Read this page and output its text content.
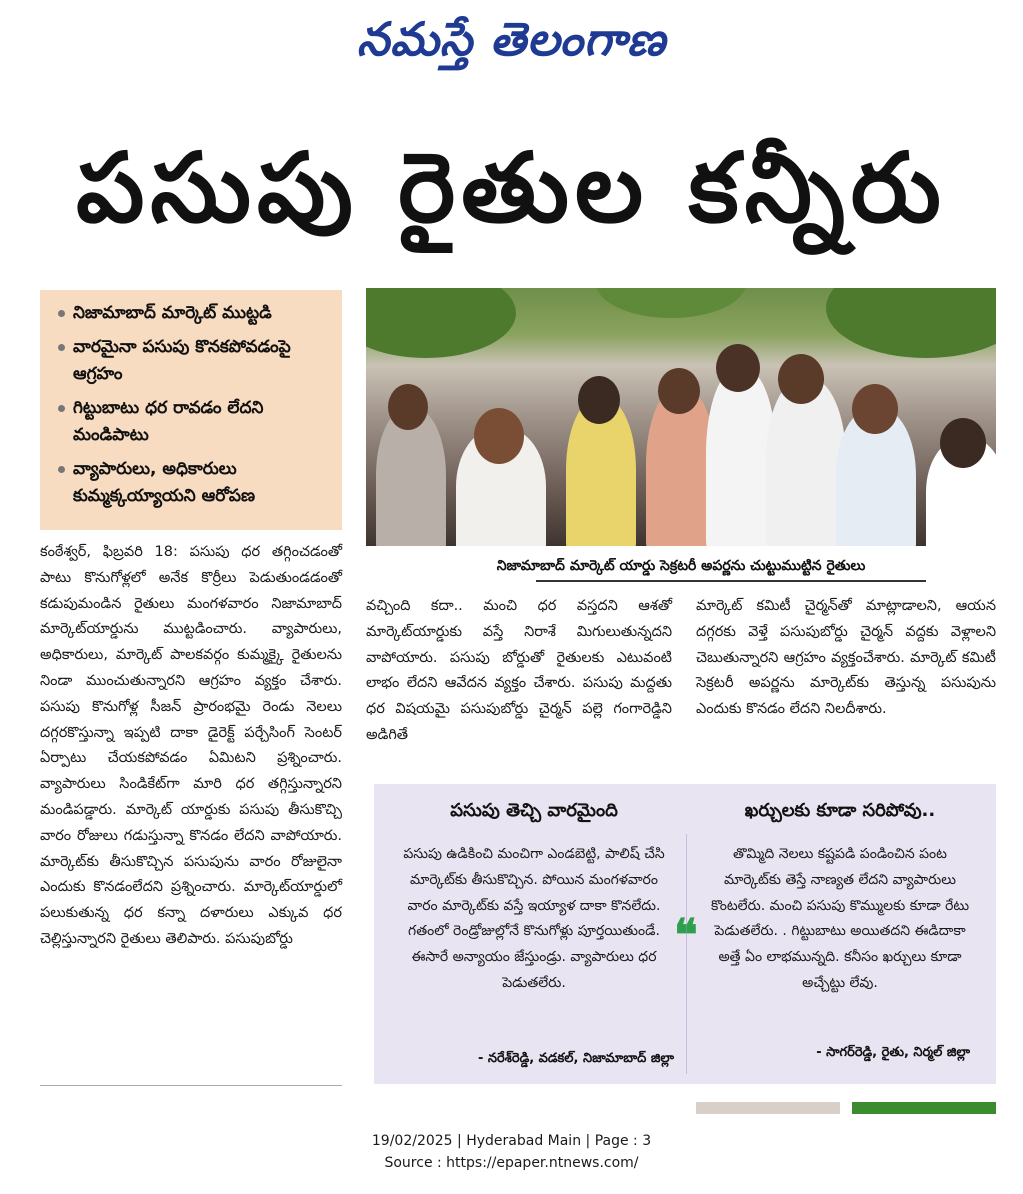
నమస్తే తెలంగాణ
పసుపు రైతుల కన్నీరు
నిజామాబాద్ మార్కెట్ ముట్టడి
వారమైనా పసుపు కొనకపోవడంపై ఆగ్రహం
గిట్టుబాటు ధర రావడం లేదని మండిపాటు
వ్యాపారులు, అధికారులు కుమ్మక్కయ్యాయని ఆరోపణ
నిజామాబాద్ మార్కెట్ యార్డు సెక్రటరీ అపర్ణను చుట్టుముట్టిన రైతులు
కంఠేశ్వర్, ఫిబ్రవరి 18: పసుపు ధర తగ్గించడంతో పాటు కొనుగోళ్లలో అనేక కొర్రీలు పెడుతుండడంతో కడుపుమండిన రైతులు మంగళవారం నిజామాబాద్ మార్కెట్‌యార్డును ముట్టడించారు. వ్యాపారులు, అధికారులు, మార్కెట్ పాలకవర్గం కుమ్మక్కై రైతులను నిండా ముంచుతున్నారని ఆగ్రహం వ్యక్తం చేశారు. పసుపు కొనుగోళ్ల సీజన్ ప్రారంభమై రెండు నెలలు దగ్గరకొస్తున్నా ఇప్పటి దాకా డైరెక్ట్ పర్చేసింగ్ సెంటర్ ఏర్పాటు చేయకపోవడం ఏమిటని ప్రశ్నించారు. వ్యాపారులు సిండికేట్‌గా మారి ధర తగ్గిస్తున్నారని మండిపడ్డారు. మార్కెట్ యార్డుకు పసుపు తీసుకొచ్చి వారం రోజులు గడుస్తున్నా కొనడం లేదని వాపోయారు. మార్కెట్‌కు తీసుకొచ్చిన పసుపును వారం రోజులైనా ఎందుకు కొనడంలేదని ప్రశ్నించారు. మార్కెట్‌యార్డులో పలుకుతున్న ధర కన్నా దళారులు ఎక్కువ ధర చెల్లిస్తున్నారని రైతులు తెలిపారు. పసుపుబోర్డు
వచ్చింది కదా.. మంచి ధర వస్తదని ఆశతో మార్కెట్‌యార్డుకు వస్తే నిరాశే మిగులుతున్నదని వాపోయారు. పసుపు బోర్డుతో రైతులకు ఎటువంటి లాభం లేదని ఆవేదన వ్యక్తం చేశారు. పసుపు మద్దతు ధర విషయమై పసుపుబోర్డు చైర్మన్ పల్లె గంగారెడ్డిని అడిగితే
మార్కెట్ కమిటీ చైర్మన్‌తో మాట్లాడాలని, ఆయన దగ్గరకు వెళ్తే పసుపుబోర్డు చైర్మన్ వద్దకు వెళ్లాలని చెబుతున్నారని ఆగ్రహం వ్యక్తంచేశారు. మార్కెట్ కమిటీ సెక్రటరీ అపర్ణను మార్కెట్‌కు తెస్తున్న పసుపును ఎందుకు కొనడం లేదని నిలదీశారు.
పసుపు తెచ్చి వారమైంది
పసుపు ఉడికించి మంచిగా ఎండబెట్టి, పాలిష్ చేసి మార్కెట్‌కు తీసుకొచ్చిన. పోయిన మంగళవారం వారం మార్కెట్‌కు వస్తే ఇయ్యాళ దాకా కొనలేదు. గతంలో రెండ్రోజుల్లోనే కొనుగోళ్లు పూర్తయితుండే. ఈసారే అన్యాయం జేస్తుండ్రు. వ్యాపారులు ధర పెడుతలేరు.
- నరేశ్‌రెడ్డి, వడకల్, నిజామాబాద్ జిల్లా
❝
ఖర్చులకు కూడా సరిపోవు..
తొమ్మిది నెలలు కష్టపడి పండించిన పంట మార్కెట్‌కు తెస్తే నాణ్యత లేదని వ్యాపారులు కొంటలేరు. మంచి పసుపు కొమ్ములకు కూడా రేటు పెడుతలేరు. . గిట్టుబాటు అయితదని ఈడిదాకా అత్తే ఏం లాభమున్నది. కనీసం ఖర్చులు కూడా అచ్చేట్టు లేవు.
- సాగర్‌రెడ్డి, రైతు, నిర్మల్ జిల్లా
19/02/2025 | Hyderabad Main | Page : 3
Source : https://epaper.ntnews.com/
